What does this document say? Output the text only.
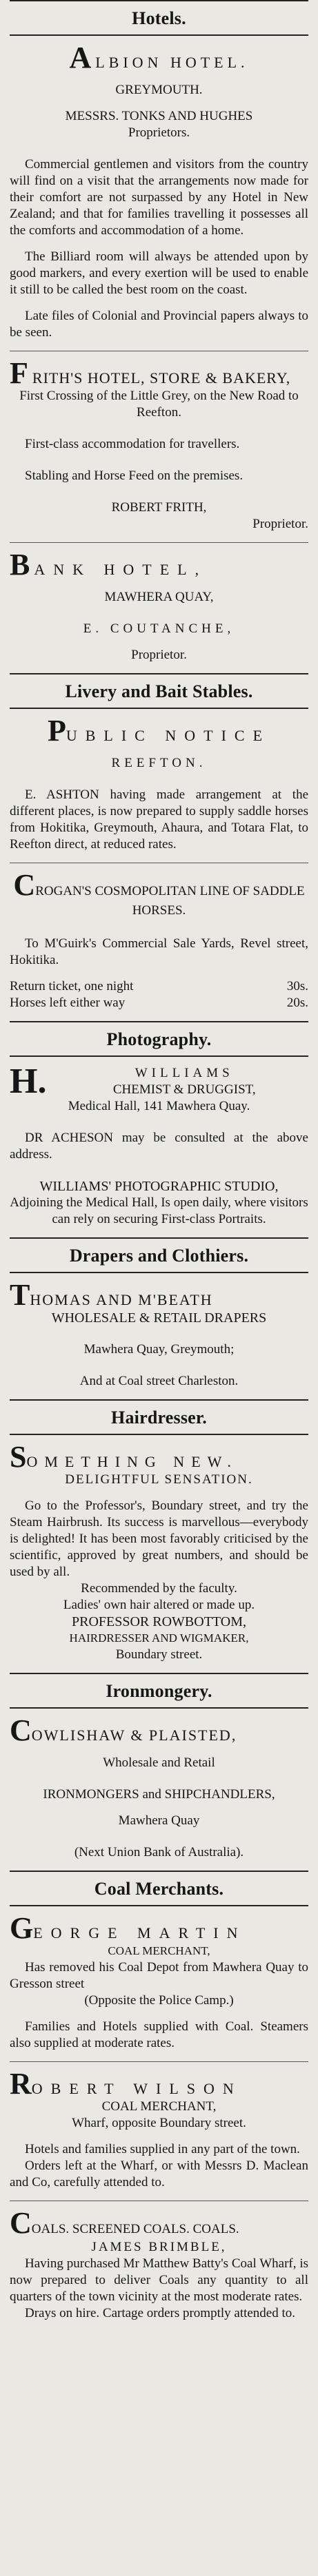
Hotels.
ALBION HOTEL.

GREYMOUTH.

MESSRS. TONKS AND HUGHES

Proprietors.

Commercial gentlemen and visitors from the country will find on a visit that the arrangements now made for their comfort are not surpassed by any Hotel in New Zealand; and that for families travelling it possesses all the comforts and accommodation of a home.

The Billiard room will always be attended upon by good markers, and every exertion will be used to enable it still to be called the best room on the coast.

Late files of Colonial and Provincial papers always to be seen.

FRITH'S HOTEL, STORE & BAKERY,

First Crossing of the Little Grey, on the New Road to Reefton.

First-class accommodation for travellers.

Stabling and Horse Feed on the premises.

ROBERT FRITH,

Proprietor.

BANK HOTEL,

MAWHERA QUAY,

E. COUTANCHE,

Proprietor.

Livery and Bait Stables.
PUBLIC NOTICE

REEFTON.

E. ASHTON having made arrangement at the different places, is now prepared to supply saddle horses from Hokitika, Greymouth, Ahaura, and Totara Flat, to Reefton direct, at reduced rates.

CROGAN'S COSMOPOLITAN LINE OF SADDLE HORSES.

To M'Guirk's Commercial Sale Yards, Revel street, Hokitika.

Return ticket, one night	30s.
Horses left either way	20s.
Photography.
H.	WILLIAMS

CHEMIST & DRUGGIST,

Medical Hall, 141 Mawhera Quay.

DR ACHESON may be consulted at the above address.

WILLIAMS' PHOTOGRAPHIC STUDIO,

Adjoining the Medical Hall, Is open daily, where visitors can rely on securing First-class Portraits.

Drapers and Clothiers.
THOMAS AND M'BEATH

WHOLESALE & RETAIL DRAPERS

Mawhera Quay, Greymouth;

And at Coal street Charleston.

Hairdresser.
SOMETHING NEW.

DELIGHTFUL SENSATION.

Go to the Professor's, Boundary street, and try the Steam Hairbrush. Its success is marvellous—everybody is delighted! It has been most favorably criticised by the scientific, approved by great numbers, and should be used by all.

Recommended by the faculty.

Ladies' own hair altered or made up.

PROFESSOR ROWBOTTOM,

HAIRDRESSER AND WIGMAKER,

Boundary street.

Ironmongery.
COWLISHAW & PLAISTED,

Wholesale and Retail

IRONMONGERS and SHIPCHANDLERS,

Mawhera Quay

(Next Union Bank of Australia).

Coal Merchants.
GEORGE MARTIN

COAL MERCHANT,

Has removed his Coal Depot from Mawhera Quay to Gresson street

(Opposite the Police Camp.)

Families and Hotels supplied with Coal. Steamers also supplied at moderate rates.

ROBERT WILSON

COAL MERCHANT,

Wharf, opposite Boundary street.

Hotels and families supplied in any part of the town.

Orders left at the Wharf, or with Messrs D. Maclean and Co, carefully attended to.

COALS. SCREENED COALS. COALS.

JAMES BRIMBLE,

Having purchased Mr Matthew Batty's Coal Wharf, is now prepared to deliver Coals any quantity to all quarters of the town vicinity at the most moderate rates.

Drays on hire. Cartage orders promptly attended to.
